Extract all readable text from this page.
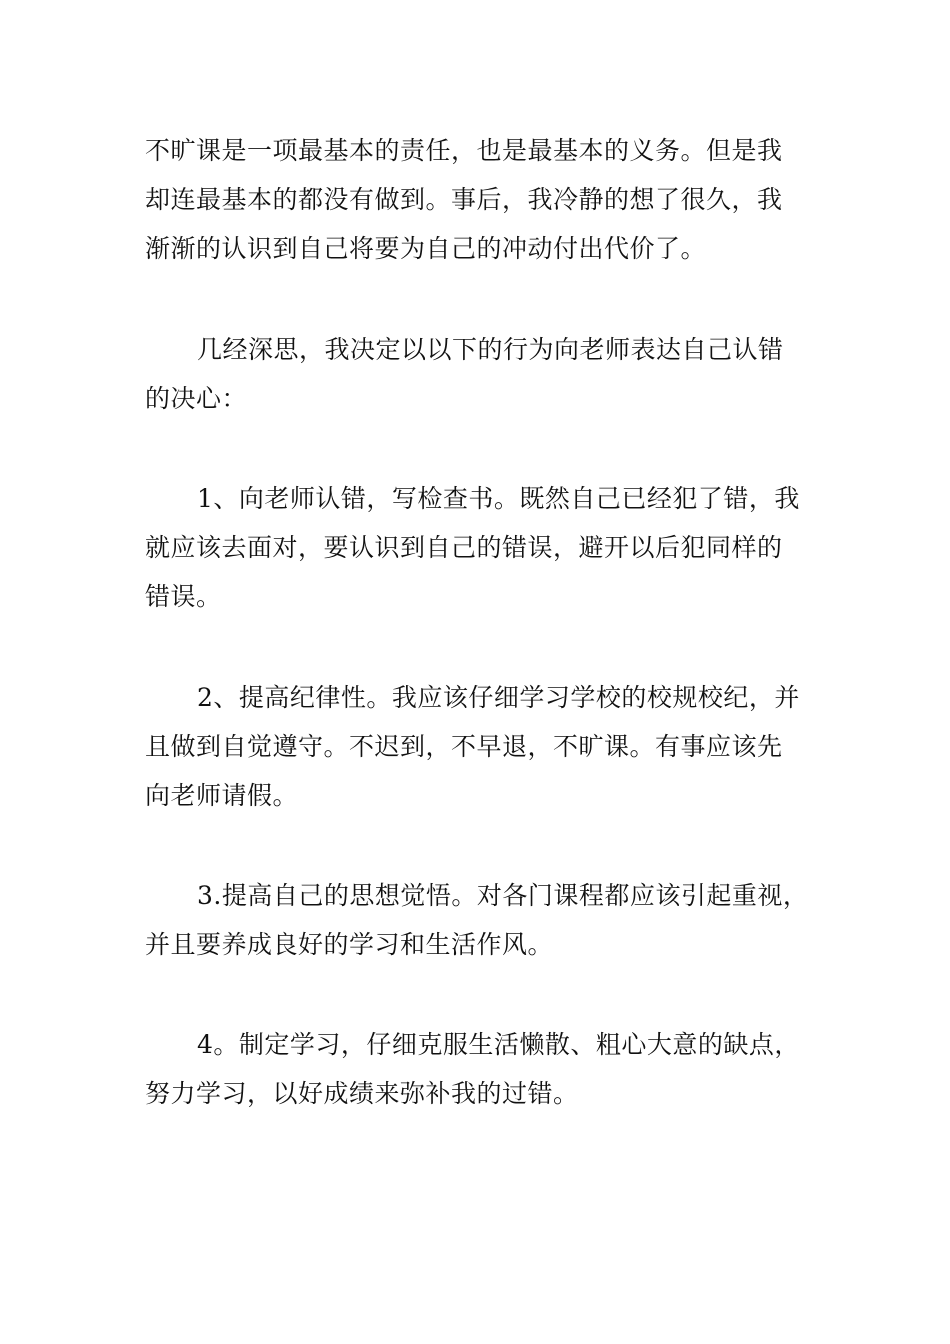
不旷课是一项最基本的责任，也是最基本的义务。但是我
却连最基本的都没有做到。事后，我冷静的想了很久，我
渐渐的认识到自己将要为自己的冲动付出代价了。
几经深思，我决定以以下的行为向老师表达自己认错
的决心：
1、向老师认错，写检查书。既然自己已经犯了错，我
就应该去面对，要认识到自己的错误，避开以后犯同样的
错误。
2、提高纪律性。我应该仔细学习学校的校规校纪，并
且做到自觉遵守。不迟到，不早退，不旷课。有事应该先
向老师请假。
3.提高自己的思想觉悟。对各门课程都应该引起重视，
并且要养成良好的学习和生活作风。
4。制定学习，仔细克服生活懒散、粗心大意的缺点，
努力学习，以好成绩来弥补我的过错。
